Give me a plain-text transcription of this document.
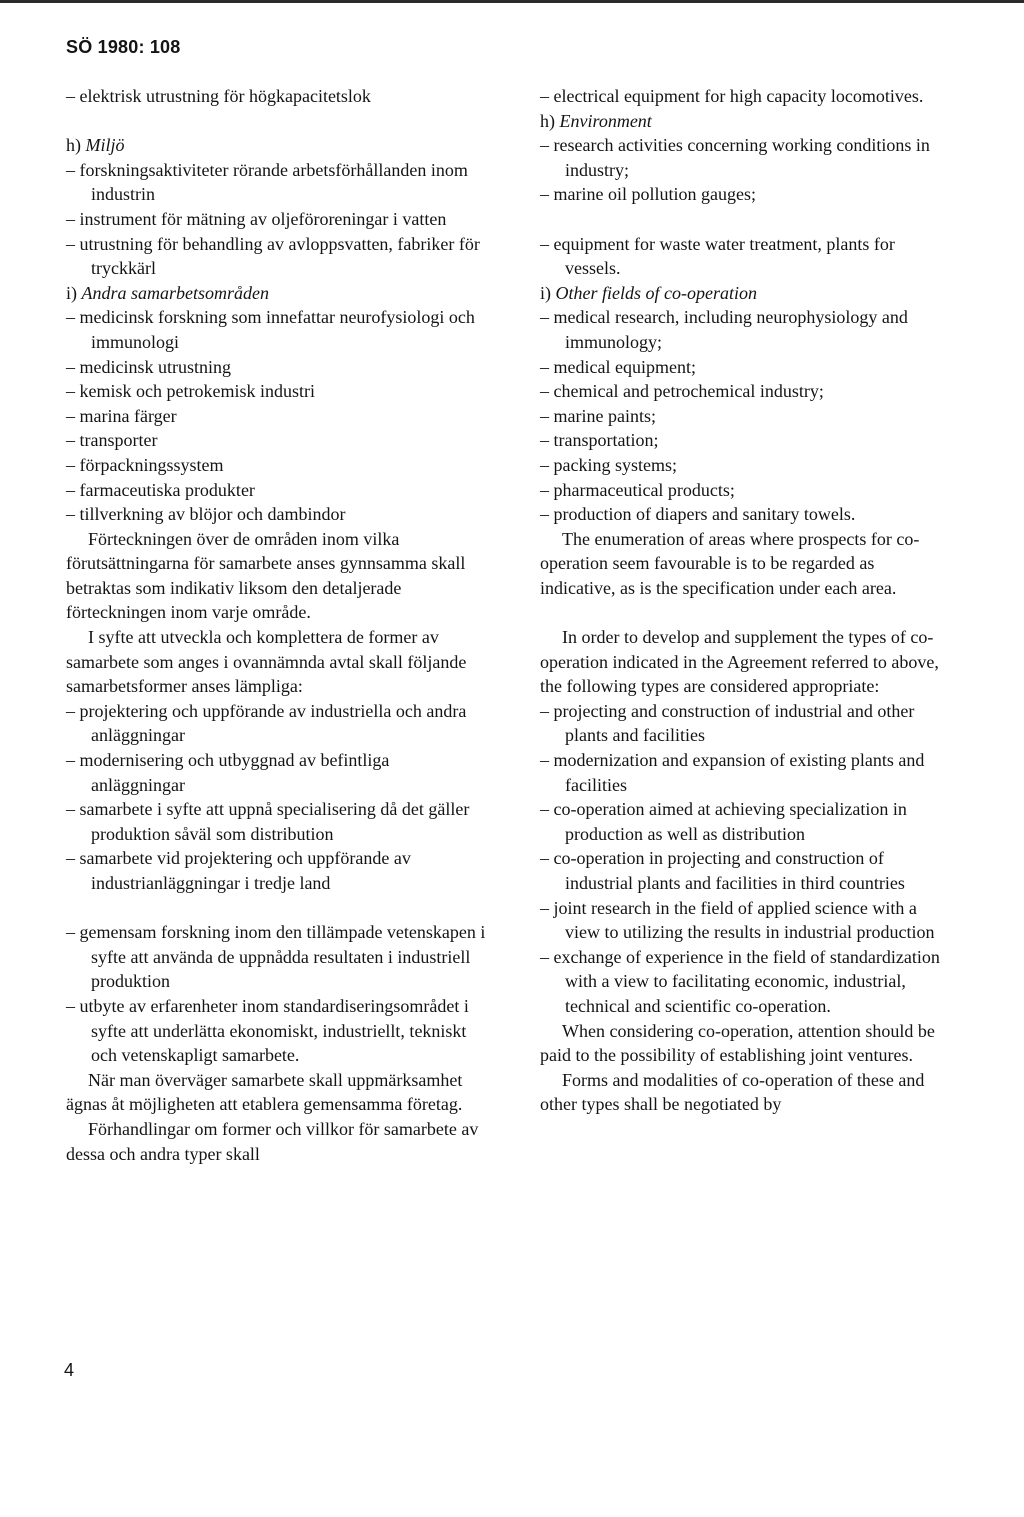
SÖ 1980: 108
– elektrisk utrustning för högkapacitetslok
h) Miljö
– forskningsaktiviteter rörande arbetsförhållanden inom industrin
– instrument för mätning av oljeföroreningar i vatten
– utrustning för behandling av avloppsvatten, fabriker för tryckkärl
i) Andra samarbetsområden
– medicinsk forskning som innefattar neurofysiologi och immunologi
– medicinsk utrustning
– kemisk och petrokemisk industri
– marina färger
– transporter
– förpackningssystem
– farmaceutiska produkter
– tillverkning av blöjor och dambindor
Förteckningen över de områden inom vilka förutsättningarna för samarbete anses gynnsamma skall betraktas som indikativ liksom den detaljerade förteckningen inom varje område.
I syfte att utveckla och komplettera de former av samarbete som anges i ovannämnda avtal skall följande samarbetsformer anses lämpliga:
– projektering och uppförande av industriella och andra anläggningar
– modernisering och utbyggnad av befintliga anläggningar
– samarbete i syfte att uppnå specialisering då det gäller produktion såväl som distribution
– samarbete vid projektering och uppförande av industrianläggningar i tredje land
– gemensam forskning inom den tillämpade vetenskapen i syfte att använda de uppnådda resultaten i industriell produktion
– utbyte av erfarenheter inom standardiseringsområdet i syfte att underlätta ekonomiskt, industriellt, tekniskt och vetenskapligt samarbete.
När man överväger samarbete skall uppmärksamhet ägnas åt möjligheten att etablera gemensamma företag.
Förhandlingar om former och villkor för samarbete av dessa och andra typer skall
– electrical equipment for high capacity locomotives.
h) Environment
– research activities concerning working conditions in industry;
– marine oil pollution gauges;
– equipment for waste water treatment, plants for vessels.
i) Other fields of co-operation
– medical research, including neurophysiology and immunology;
– medical equipment;
– chemical and petrochemical industry;
– marine paints;
– transportation;
– packing systems;
– pharmaceutical products;
– production of diapers and sanitary towels.
The enumeration of areas where prospects for co-operation seem favourable is to be regarded as indicative, as is the specification under each area.
In order to develop and supplement the types of co-operation indicated in the Agreement referred to above, the following types are considered appropriate:
– projecting and construction of industrial and other plants and facilities
– modernization and expansion of existing plants and facilities
– co-operation aimed at achieving specialization in production as well as distribution
– co-operation in projecting and construction of industrial plants and facilities in third countries
– joint research in the field of applied science with a view to utilizing the results in industrial production
– exchange of experience in the field of standardization with a view to facilitating economic, industrial, technical and scientific co-operation.
When considering co-operation, attention should be paid to the possibility of establishing joint ventures.
Forms and modalities of co-operation of these and other types shall be negotiated by
4
